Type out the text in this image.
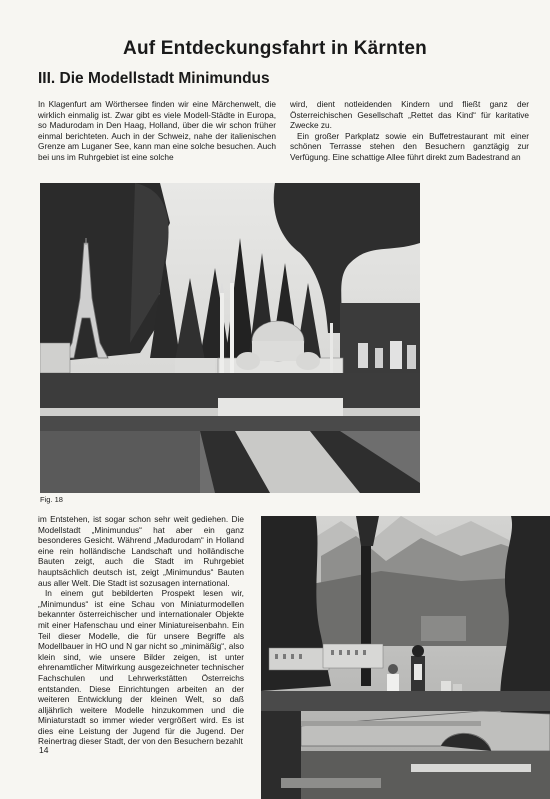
Auf Entdeckungsfahrt in Kärnten
III. Die Modellstadt Minimundus

In Klagenfurt am Wörthersee finden wir eine Märchenwelt, die wirklich einmalig ist. Zwar gibt es viele Modell-Städte in Europa, so Madurodam in Den Haag, Holland, über die wir schon früher einmal berichteten. Auch in der Schweiz, nahe der italienischen Grenze am Luganer See, kann man eine solche besuchen. Auch bei uns im Ruhrgebiet ist eine solche

wird, dient notleidenden Kindern und fließt ganz der Österreichischen Gesellschaft „Rettet das Kind“ für karitative Zwecke zu.

Ein großer Parkplatz sowie ein Buffetrestaurant mit einer schönen Terrasse stehen den Besuchern ganztägig zur Verfügung. Eine schattige Allee führt direkt zum Badestrand an

Fig. 18

im Entstehen, ist sogar schon sehr weit gediehen. Die Modellstadt „Minimundus“ hat aber ein ganz besonderes Gesicht. Während „Madurodam“ in Holland eine rein holländische Landschaft und holländische Bauten zeigt, auch die Stadt im Ruhrgebiet hauptsächlich deutsch ist, zeigt „Minimundus“ Bauten aus aller Welt. Die Stadt ist sozusagen international.

In einem gut bebilderten Prospekt lesen wir, „Minimundus“ ist eine Schau von Miniaturmodellen bekannter österreichischer und internationaler Objekte mit einer Hafenschau und einer Miniatureisenbahn. Ein Teil dieser Modelle, die für unsere Begriffe als Modellbauer in HO und N gar nicht so „minimäßig“, also klein sind, wie unsere Bilder zeigen, ist unter ehrenamtlicher Mitwirkung ausgezeichneter technischer Fachschulen und Lehrwerkstätten Österreichs entstanden. Diese Einrichtungen arbeiten an der weiteren Entwicklung der kleinen Welt, so daß alljährlich weitere Modelle hinzukommen und die Miniaturstadt so immer wieder vergrößert wird. Es ist dies eine Leistung der Jugend für die Jugend. Der Reinertrag dieser Stadt, der von den Besuchern bezahlt

14
